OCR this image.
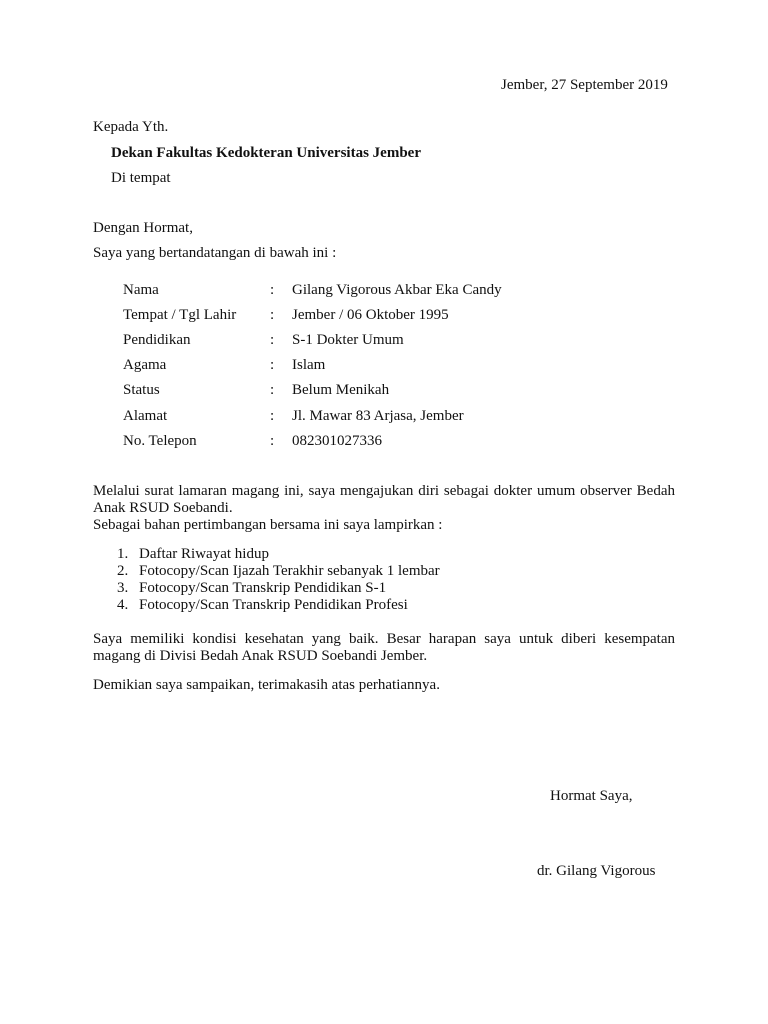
Jember, 27 September 2019
Kepada Yth.
Dekan Fakultas Kedokteran Universitas Jember
Di tempat
Dengan Hormat,
Saya yang bertandatangan di bawah ini :
Nama	: Gilang Vigorous Akbar Eka Candy
Tempat / Tgl Lahir : Jember / 06 Oktober 1995
Pendidikan	: S-1 Dokter Umum
Agama	: Islam
Status	: Belum Menikah
Alamat	: Jl. Mawar 83 Arjasa, Jember
No. Telepon	: 082301027336
Melalui surat lamaran magang ini, saya mengajukan diri sebagai dokter umum observer Bedah Anak RSUD Soebandi.
Sebagai bahan pertimbangan bersama ini saya lampirkan :
1. Daftar Riwayat hidup
2. Fotocopy/Scan Ijazah Terakhir sebanyak 1 lembar
3. Fotocopy/Scan Transkrip Pendidikan S-1
4. Fotocopy/Scan Transkrip Pendidikan Profesi
Saya memiliki kondisi kesehatan yang baik. Besar harapan saya untuk diberi kesempatan magang di Divisi Bedah Anak RSUD Soebandi Jember.
Demikian saya sampaikan, terimakasih atas perhatiannya.
Hormat Saya,
dr. Gilang Vigorous
